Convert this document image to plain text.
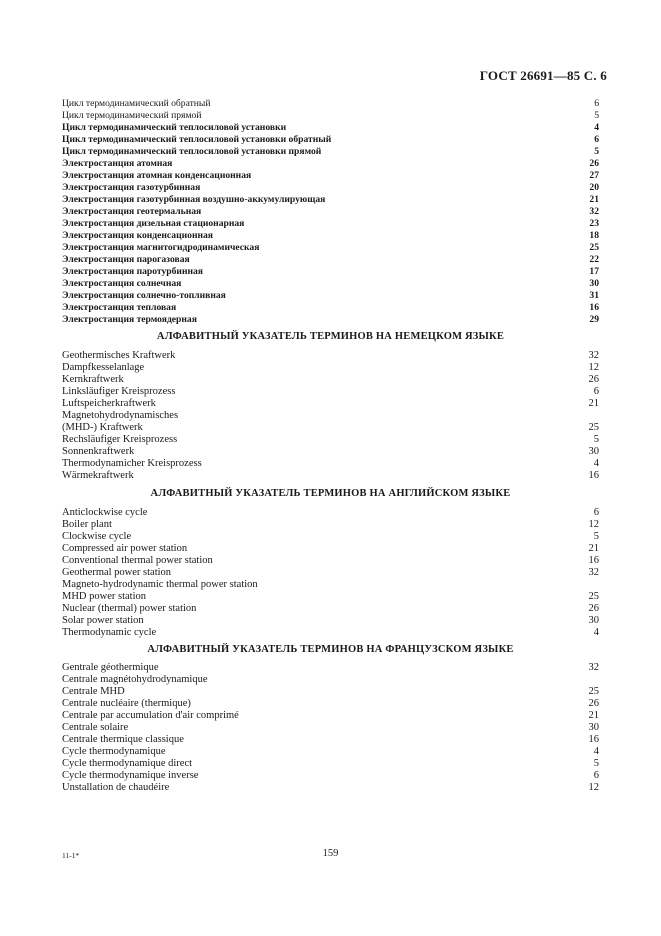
ГОСТ 26691—85 С. 6
Цикл термодинамический обратный	6
Цикл термодинамический прямой	5
Цикл термодинамический теплосиловой установки	4
Цикл термодинамический теплосиловой установки обратный	6
Цикл термодинамический теплосиловой установки прямой	5
Электростанция атомная	26
Электростанция атомная конденсационная	27
Электростанция газотурбинная	20
Электростанция газотурбинная воздушно-аккумулирующая	21
Электростанция геотермальная	32
Электростанция дизельная стационарная	23
Электростанция конденсационная	18
Электростанция магнитогидродинамическая	25
Электростанция парогазовая	22
Электростанция паротурбинная	17
Электростанция солнечная	30
Электростанция солнечно-топливная	31
Электростанция тепловая	16
Электростанция термоядерная	29
АЛФАВИТНЫЙ УКАЗАТЕЛЬ ТЕРМИНОВ НА НЕМЕЦКОМ ЯЗЫКЕ
Geothermisches Kraftwerk	32
Dampfkesselanlage	12
Kernkraftwerk	26
Linksläufiger Kreisprozess	6
Luftspeicherkraftwerk	21
Magnetohydrodynamisches
(MHD-) Kraftwerk	25
Rechsläufiger Kreisprozess	5
Sonnenkraftwerk	30
Thermodynamicher Kreisprozess	4
Wärmekraftwerk	16
АЛФАВИТНЫЙ УКАЗАТЕЛЬ ТЕРМИНОВ НА АНГЛИЙСКОМ ЯЗЫКЕ
Anticlockwise cycle	6
Boiler plant	12
Clockwise cycle	5
Compressed air power station	21
Conventional thermal power station	16
Geothermal power station	32
Magneto-hydrodynamic thermal power station
MHD power station	25
Nuclear (thermal) power station	26
Solar power station	30
Thermodynamic cycle	4
АЛФАВИТНЫЙ УКАЗАТЕЛЬ ТЕРМИНОВ НА ФРАНЦУЗСКОМ ЯЗЫКЕ
Gentrale géothermique	32
Centrale magnétohydrodynamique
Centrale MHD	25
Centrale nucléaire (thermique)	26
Centrale par accumulation d'air comprimé	21
Centrale solaire	30
Centrale thermique classique	16
Cycle thermodynamique	4
Cycle thermodynamique direct	5
Cycle thermodynamique inverse	6
Unstallation de chaudéire	12
11-1*	159
